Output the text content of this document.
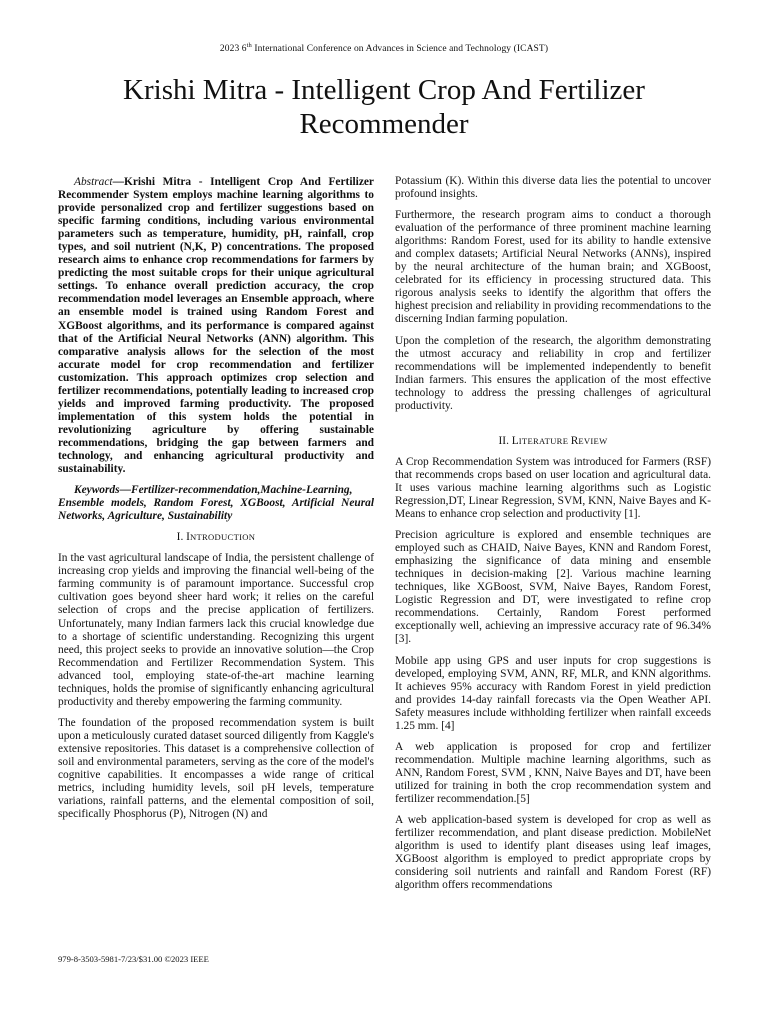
2023 6th International Conference on Advances in Science and Technology (ICAST)
Krishi Mitra - Intelligent Crop And Fertilizer Recommender

Abstract—Krishi Mitra - Intelligent Crop And Fertilizer Recommender System employs machine learning algorithms to provide personalized crop and fertilizer suggestions based on specific farming conditions, including various environmental parameters such as temperature, humidity, pH, rainfall, crop types, and soil nutrient (N,K, P) concentrations. The proposed research aims to enhance crop recommendations for farmers by predicting the most suitable crops for their unique agricultural settings. To enhance overall prediction accuracy, the crop recommendation model leverages an Ensemble approach, where an ensemble model is trained using Random Forest and XGBoost algorithms, and its performance is compared against that of the Artificial Neural Networks (ANN) algorithm. This comparative analysis allows for the selection of the most accurate model for crop recommendation and fertilizer customization. This approach optimizes crop selection and fertilizer recommendations, potentially leading to increased crop yields and improved farming productivity. The proposed implementation of this system holds the potential in revolutionizing agriculture by offering sustainable recommendations, bridging the gap between farmers and technology, and enhancing agricultural productivity and sustainability.

Keywords—Fertilizer-recommendation,Machine-Learning, Ensemble models, Random Forest, XGBoost, Artificial Neural Networks, Agriculture, Sustainability

I. INTRODUCTION

In the vast agricultural landscape of India, the persistent challenge of increasing crop yields and improving the financial well-being of the farming community is of paramount importance. Successful crop cultivation goes beyond sheer hard work; it relies on the careful selection of crops and the precise application of fertilizers. Unfortunately, many Indian farmers lack this crucial knowledge due to a shortage of scientific understanding. Recognizing this urgent need, this project seeks to provide an innovative solution—the Crop Recommendation and Fertilizer Recommendation System. This advanced tool, employing state-of-the-art machine learning techniques, holds the promise of significantly enhancing agricultural productivity and thereby empowering the farming community.

The foundation of the proposed recommendation system is built upon a meticulously curated dataset sourced diligently from Kaggle's extensive repositories. This dataset is a comprehensive collection of soil and environmental parameters, serving as the core of the model's cognitive capabilities. It encompasses a wide range of critical metrics, including humidity levels, soil pH levels, temperature variations, rainfall patterns, and the elemental composition of soil, specifically Phosphorus (P), Nitrogen (N) and

Potassium (K). Within this diverse data lies the potential to uncover profound insights.

Furthermore, the research program aims to conduct a thorough evaluation of the performance of three prominent machine learning algorithms: Random Forest, used for its ability to handle extensive and complex datasets; Artificial Neural Networks (ANNs), inspired by the neural architecture of the human brain; and XGBoost, celebrated for its efficiency in processing structured data. This rigorous analysis seeks to identify the algorithm that offers the highest precision and reliability in providing recommendations to the discerning Indian farming population.

Upon the completion of the research, the algorithm demonstrating the utmost accuracy and reliability in crop and fertilizer recommendations will be implemented independently to benefit Indian farmers. This ensures the application of the most effective technology to address the pressing challenges of agricultural productivity.

II. LITERATURE REVIEW

A Crop Recommendation System was introduced for Farmers (RSF) that recommends crops based on user location and agricultural data. It uses various machine learning algorithms such as Logistic Regression,DT, Linear Regression, SVM, KNN, Naive Bayes and K-Means to enhance crop selection and productivity [1].

Precision agriculture is explored and ensemble techniques are employed such as CHAID, Naive Bayes, KNN and Random Forest, emphasizing the significance of data mining and ensemble techniques in decision-making [2]. Various machine learning techniques, like XGBoost, SVM, Naive Bayes, Random Forest, Logistic Regression and DT, were investigated to refine crop recommendations. Certainly, Random Forest performed exceptionally well, achieving an impressive accuracy rate of 96.34% [3].

Mobile app using GPS and user inputs for crop suggestions is developed, employing SVM, ANN, RF, MLR, and KNN algorithms. It achieves 95% accuracy with Random Forest in yield prediction and provides 14-day rainfall forecasts via the Open Weather API. Safety measures include withholding fertilizer when rainfall exceeds 1.25 mm. [4]

A web application is proposed for crop and fertilizer recommendation. Multiple machine learning algorithms, such as ANN, Random Forest, SVM , KNN, Naive Bayes and DT, have been utilized for training in both the crop recommendation system and fertilizer recommendation.[5]

A web application-based system is developed for crop as well as fertilizer recommendation, and plant disease prediction. MobileNet algorithm is used to identify plant diseases using leaf images, XGBoost algorithm is employed to predict appropriate crops by considering soil nutrients and rainfall and Random Forest (RF) algorithm offers recommendations

979-8-3503-5981-7/23/$31.00 ©2023 IEEE
